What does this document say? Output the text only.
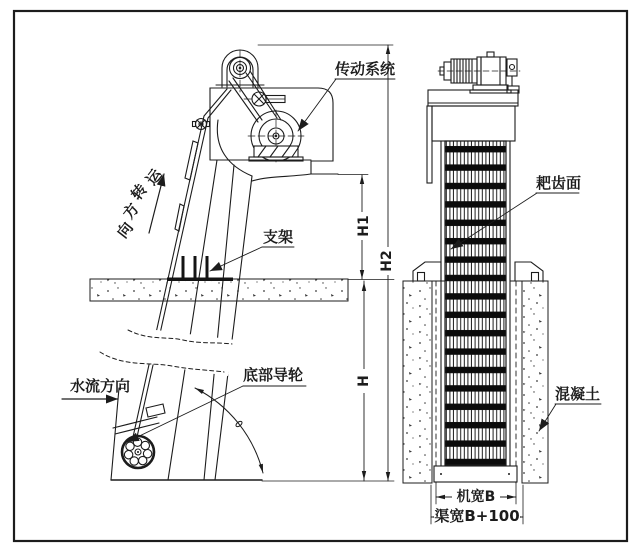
运
转
方
向
传动系统
支架
水流方向
底部导轮
耙齿面
混凝土
H1
H2
H
机宽B
渠宽B+100
